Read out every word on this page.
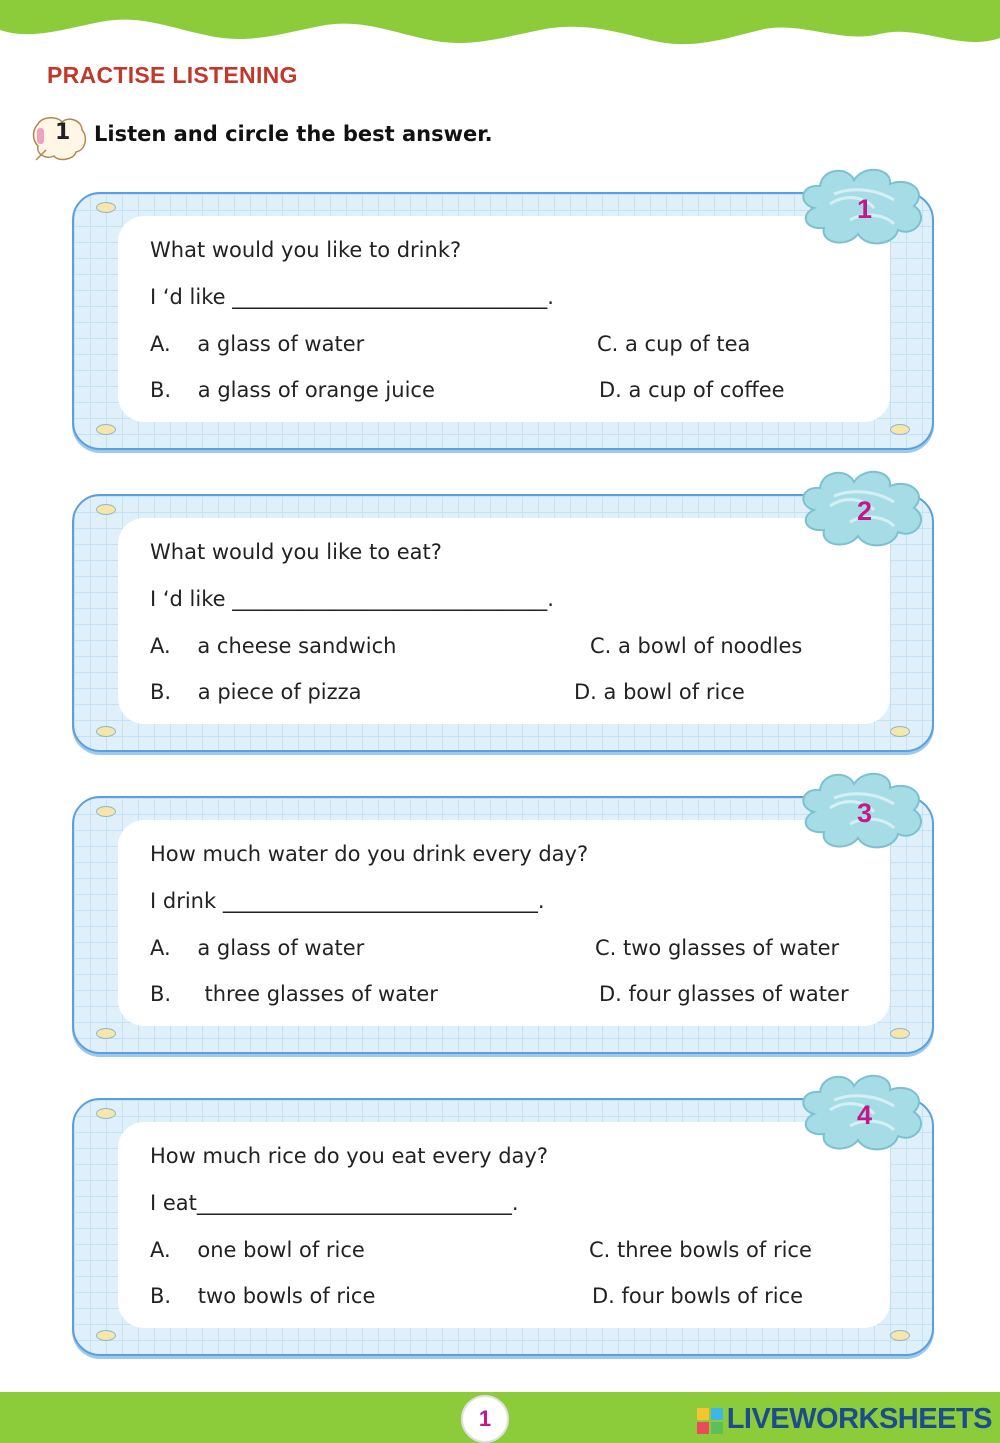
PRACTISE LISTENING
1 Listen and circle the best answer.
1
What would you like to drink?
I ‘d like ______________________________.
A.    a glass of water
B.    a glass of orange juice
C. a cup of tea
D. a cup of coffee
2
What would you like to eat?
I ‘d like ______________________________.
A.    a cheese sandwich
B.    a piece of pizza
C. a bowl of noodles
D. a bowl of rice
3
How much water do you drink every day?
I drink ______________________________.
A.    a glass of water
B.     three glasses of water
C. two glasses of water
D. four glasses of water
4
How much rice do you eat every day?
I eat______________________________.
A.    one bowl of rice
B.    two bowls of rice
C. three bowls of rice
D. four bowls of rice
1	LIVEWORKSHEETS
